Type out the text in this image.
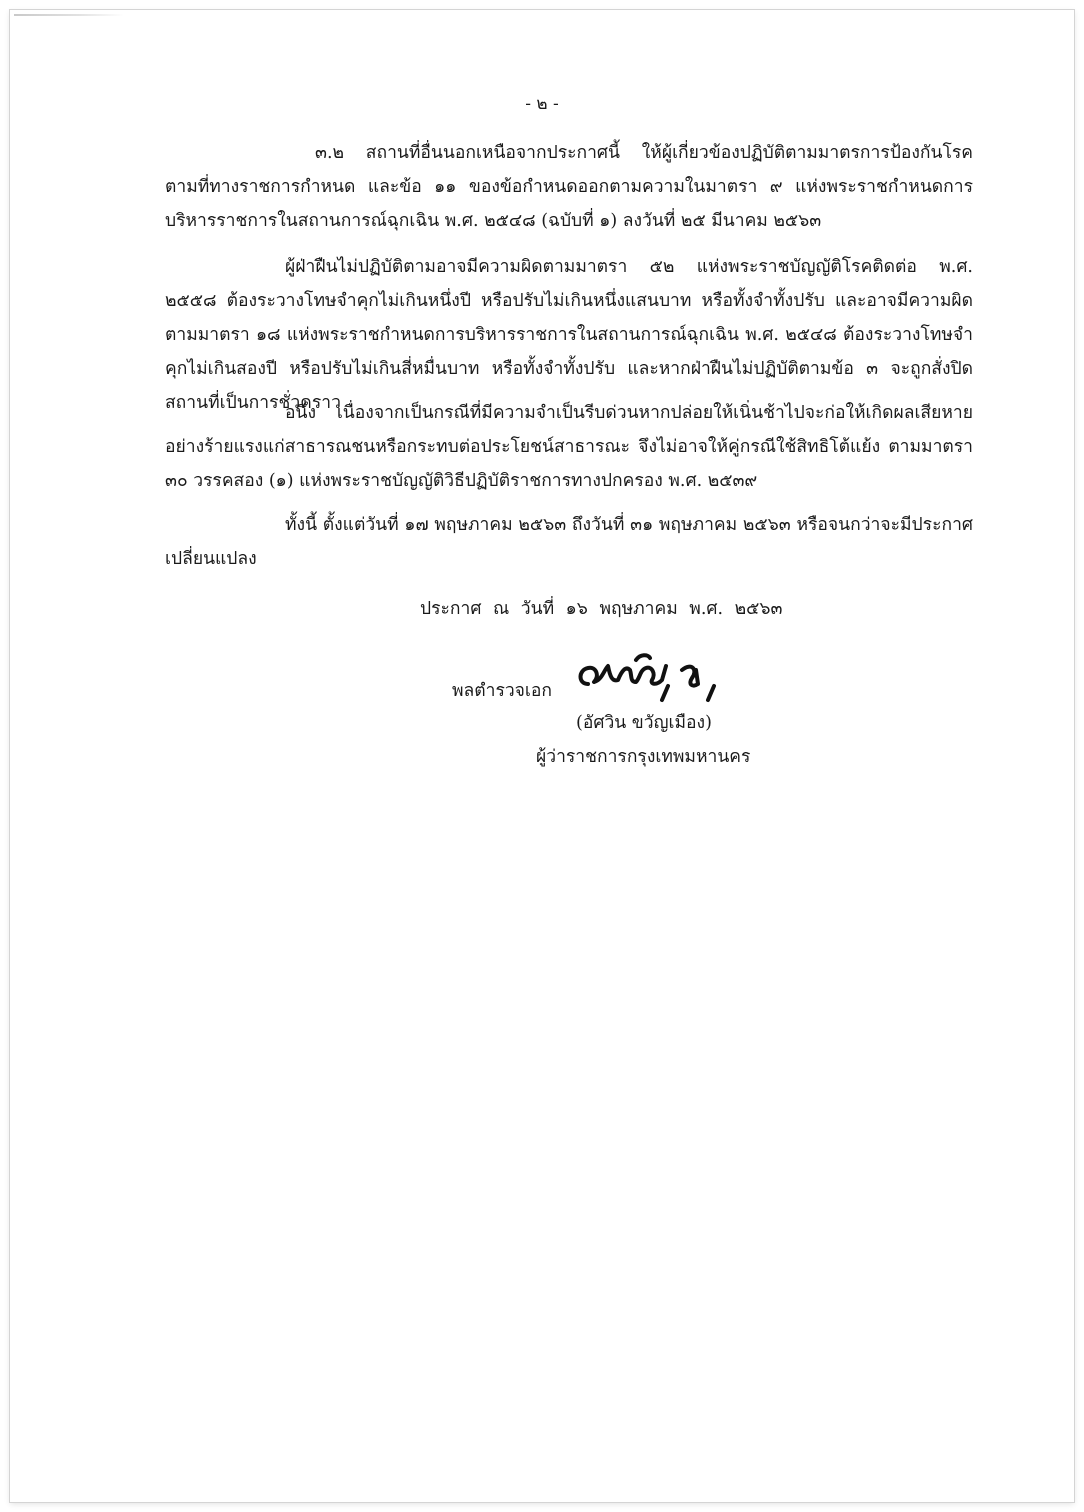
- ๒ -

๓.๒ สถานที่อื่นนอกเหนือจากประกาศนี้ ให้ผู้เกี่ยวข้องปฏิบัติตามมาตรการป้องกันโรค ตามที่ทางราชการกำหนด และข้อ ๑๑ ของข้อกำหนดออกตามความในมาตรา ๙ แห่งพระราชกำหนดการบริหารราชการในสถานการณ์ฉุกเฉิน พ.ศ. ๒๕๔๘ (ฉบับที่ ๑) ลงวันที่ ๒๕ มีนาคม ๒๕๖๓

ผู้ฝ่าฝืนไม่ปฏิบัติตามอาจมีความผิดตามมาตรา ๕๒ แห่งพระราชบัญญัติโรคติดต่อ พ.ศ. ๒๕๕๘ ต้องระวางโทษจำคุกไม่เกินหนึ่งปี หรือปรับไม่เกินหนึ่งแสนบาท หรือทั้งจำทั้งปรับ และอาจมีความผิดตามมาตรา ๑๘ แห่งพระราชกำหนดการบริหารราชการในสถานการณ์ฉุกเฉิน พ.ศ. ๒๕๔๘ ต้องระวางโทษจำคุกไม่เกินสองปี หรือปรับไม่เกินสี่หมื่นบาท หรือทั้งจำทั้งปรับ และหากฝ่าฝืนไม่ปฏิบัติตามข้อ ๓ จะถูกสั่งปิดสถานที่เป็นการชั่วคราว

อนึ่ง เนื่องจากเป็นกรณีที่มีความจำเป็นรีบด่วนหากปล่อยให้เนิ่นช้าไปจะก่อให้เกิดผลเสียหายอย่างร้ายแรงแก่สาธารณชนหรือกระทบต่อประโยชน์สาธารณะ จึงไม่อาจให้คู่กรณีใช้สิทธิโต้แย้ง ตามมาตรา ๓๐ วรรคสอง (๑) แห่งพระราชบัญญัติวิธีปฏิบัติราชการทางปกครอง พ.ศ. ๒๕๓๙

ทั้งนี้ ตั้งแต่วันที่ ๑๗ พฤษภาคม ๒๕๖๓ ถึงวันที่ ๓๑ พฤษภาคม ๒๕๖๓ หรือจนกว่าจะมีประกาศเปลี่ยนแปลง

ประกาศ ณ วันที่ ๑๖ พฤษภาคม พ.ศ. ๒๕๖๓
พลตำรวจเอก
(อัศวิน ขวัญเมือง)
ผู้ว่าราชการกรุงเทพมหานคร
